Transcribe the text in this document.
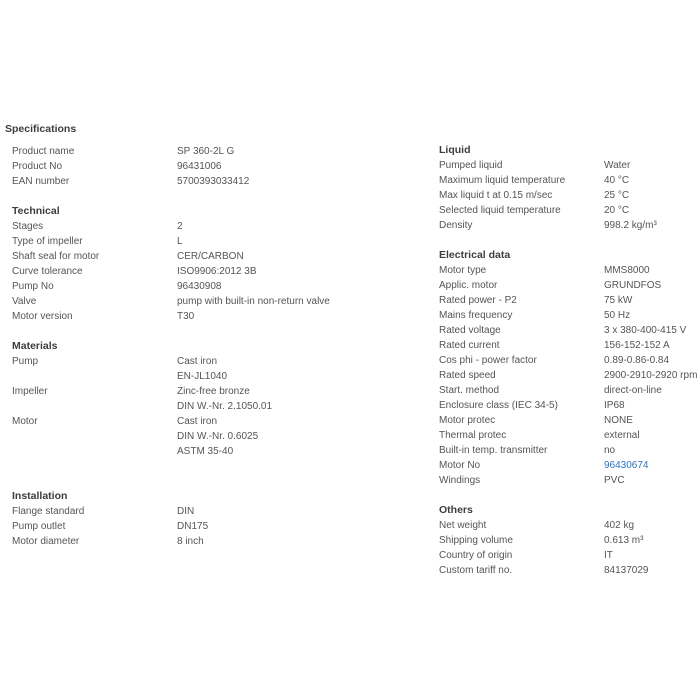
Specifications
Product name	SP 360-2L G
Product No	96431006
EAN number	5700393033412
Technical
Stages	2
Type of impeller	L
Shaft seal for motor	CER/CARBON
Curve tolerance	ISO9906:2012 3B
Pump No	96430908
Valve	pump with built-in non-return valve
Motor version	T30
Materials
Pump	Cast iron
EN-JL1040
Impeller	Zinc-free bronze
DIN W.-Nr. 2.1050.01
Motor	Cast iron
DIN W.-Nr. 0.6025
ASTM 35-40
Installation
Flange standard	DIN
Pump outlet	DN175
Motor diameter	8 inch
Liquid
Pumped liquid	Water
Maximum liquid temperature	40 °C
Max liquid t at 0.15 m/sec	25 °C
Selected liquid temperature	20 °C
Density	998.2 kg/m³
Electrical data
Motor type	MMS8000
Applic. motor	GRUNDFOS
Rated power - P2	75 kW
Mains frequency	50 Hz
Rated voltage	3 x 380-400-415 V
Rated current	156-152-152 A
Cos phi - power factor	0.89-0.86-0.84
Rated speed	2900-2910-2920 rpm
Start. method	direct-on-line
Enclosure class (IEC 34-5)	IP68
Motor protec	NONE
Thermal protec	external
Built-in temp. transmitter	no
Motor No	96430674
Windings	PVC
Others
Net weight	402 kg
Shipping volume	0.613 m³
Country of origin	IT
Custom tariff no.	84137029
